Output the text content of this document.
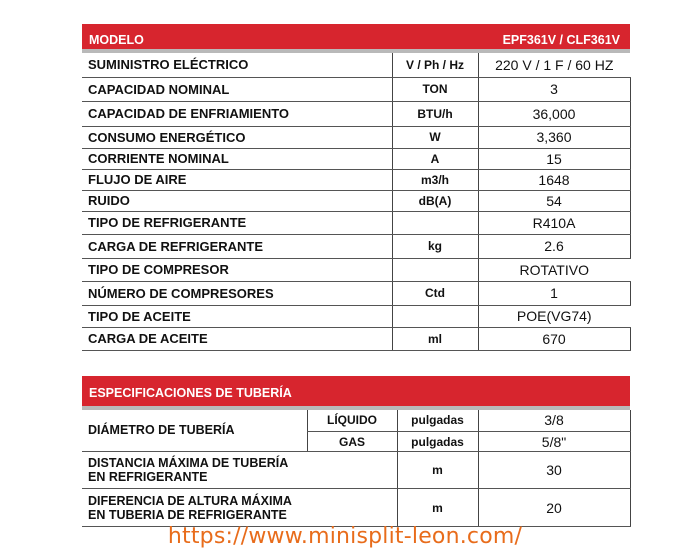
MODELO	EPF361V / CLF361V
SUMINISTRO ELÉCTRICO	V / Ph / Hz	220 V / 1 F / 60 HZ
CAPACIDAD NOMINAL	TON	3
CAPACIDAD DE ENFRIAMIENTO	BTU/h	36,000
CONSUMO ENERGÉTICO	W	3,360
CORRIENTE NOMINAL	A	15
FLUJO DE AIRE	m3/h	1648
RUIDO	dB(A)	54
TIPO DE REFRIGERANTE		R410A
CARGA DE REFRIGERANTE	kg	2.6
TIPO DE COMPRESOR		ROTATIVO
NÚMERO DE COMPRESORES	Ctd	1
TIPO DE ACEITE		POE(VG74)
CARGA DE ACEITE	ml	670
ESPECIFICACIONES DE TUBERÍA
DIÁMETRO DE TUBERÍA	LÍQUIDO	pulgadas	3/8
	GAS	pulgadas	5/8"

DISTANCIA MÁXIMA DE TUBERÍA
EN REFRIGERANTE		m	30

DIFERENCIA DE ALTURA MÁXIMA
EN TUBERIA DE REFRIGERANTE		m	20
https://www.minisplit-leon.com/
